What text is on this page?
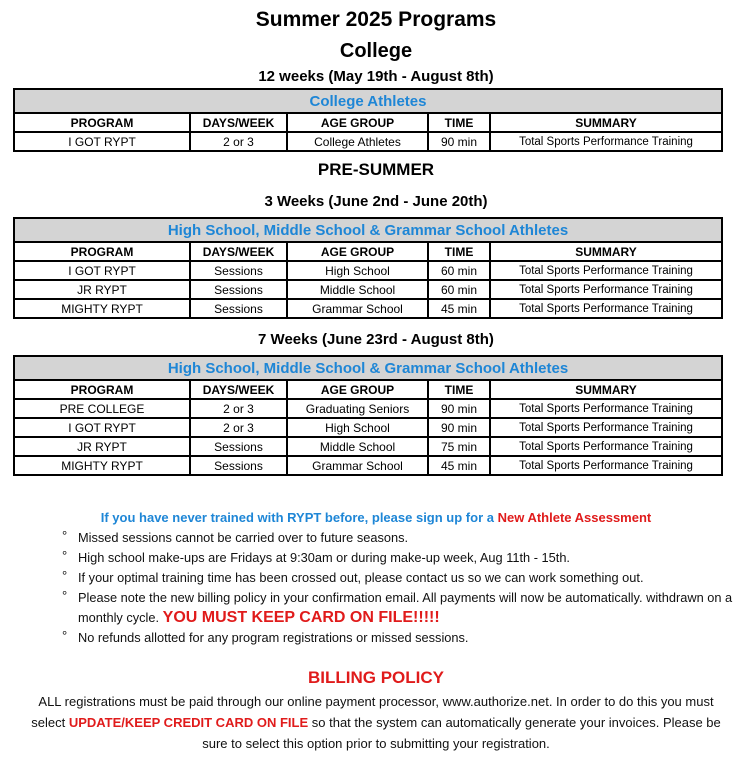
Summer 2025 Programs
College
12 weeks (May 19th - August 8th)
College Athletes				
PROGRAM	DAYS/WEEK	AGE GROUP	TIME	SUMMARY
I GOT RYPT	2 or 3	College Athletes	90 min	Total Sports Performance Training
PRE-SUMMER
3 Weeks (June 2nd - June 20th)
High School, Middle School & Grammar School Athletes				
PROGRAM	DAYS/WEEK	AGE GROUP	TIME	SUMMARY
I GOT RYPT	Sessions	High School	60 min	Total Sports Performance Training
JR RYPT	Sessions	Middle School	60 min	Total Sports Performance Training
MIGHTY RYPT	Sessions	Grammar School	45 min	Total Sports Performance Training
7 Weeks (June 23rd - August 8th)
High School, Middle School & Grammar School Athletes				
PROGRAM	DAYS/WEEK	AGE GROUP	TIME	SUMMARY
PRE COLLEGE	2 or 3	Graduating Seniors	90 min	Total Sports Performance Training
I GOT RYPT	2 or 3	High School	90 min	Total Sports Performance Training
JR RYPT	Sessions	Middle School	75 min	Total Sports Performance Training
MIGHTY RYPT	Sessions	Grammar School	45 min	Total Sports Performance Training
If you have never trained with RYPT before, please sign up for a New Athlete Assessment
° Missed sessions cannot be carried over to future seasons.
° High school make-ups are Fridays at 9:30am or during make-up week, Aug 11th - 15th.
° If your optimal training time has been crossed out, please contact us so we can work something out.
° Please note the new billing policy in your confirmation email. All payments will now be automatically. withdrawn on a monthly cycle. YOU MUST KEEP CARD ON FILE!!!!!
° No refunds allotted for any program registrations or missed sessions.
BILLING POLICY
ALL registrations must be paid through our online payment processor, www.authorize.net. In order to do this you must select UPDATE/KEEP CREDIT CARD ON FILE so that the system can automatically generate your invoices. Please be sure to select this option prior to submitting your registration.
